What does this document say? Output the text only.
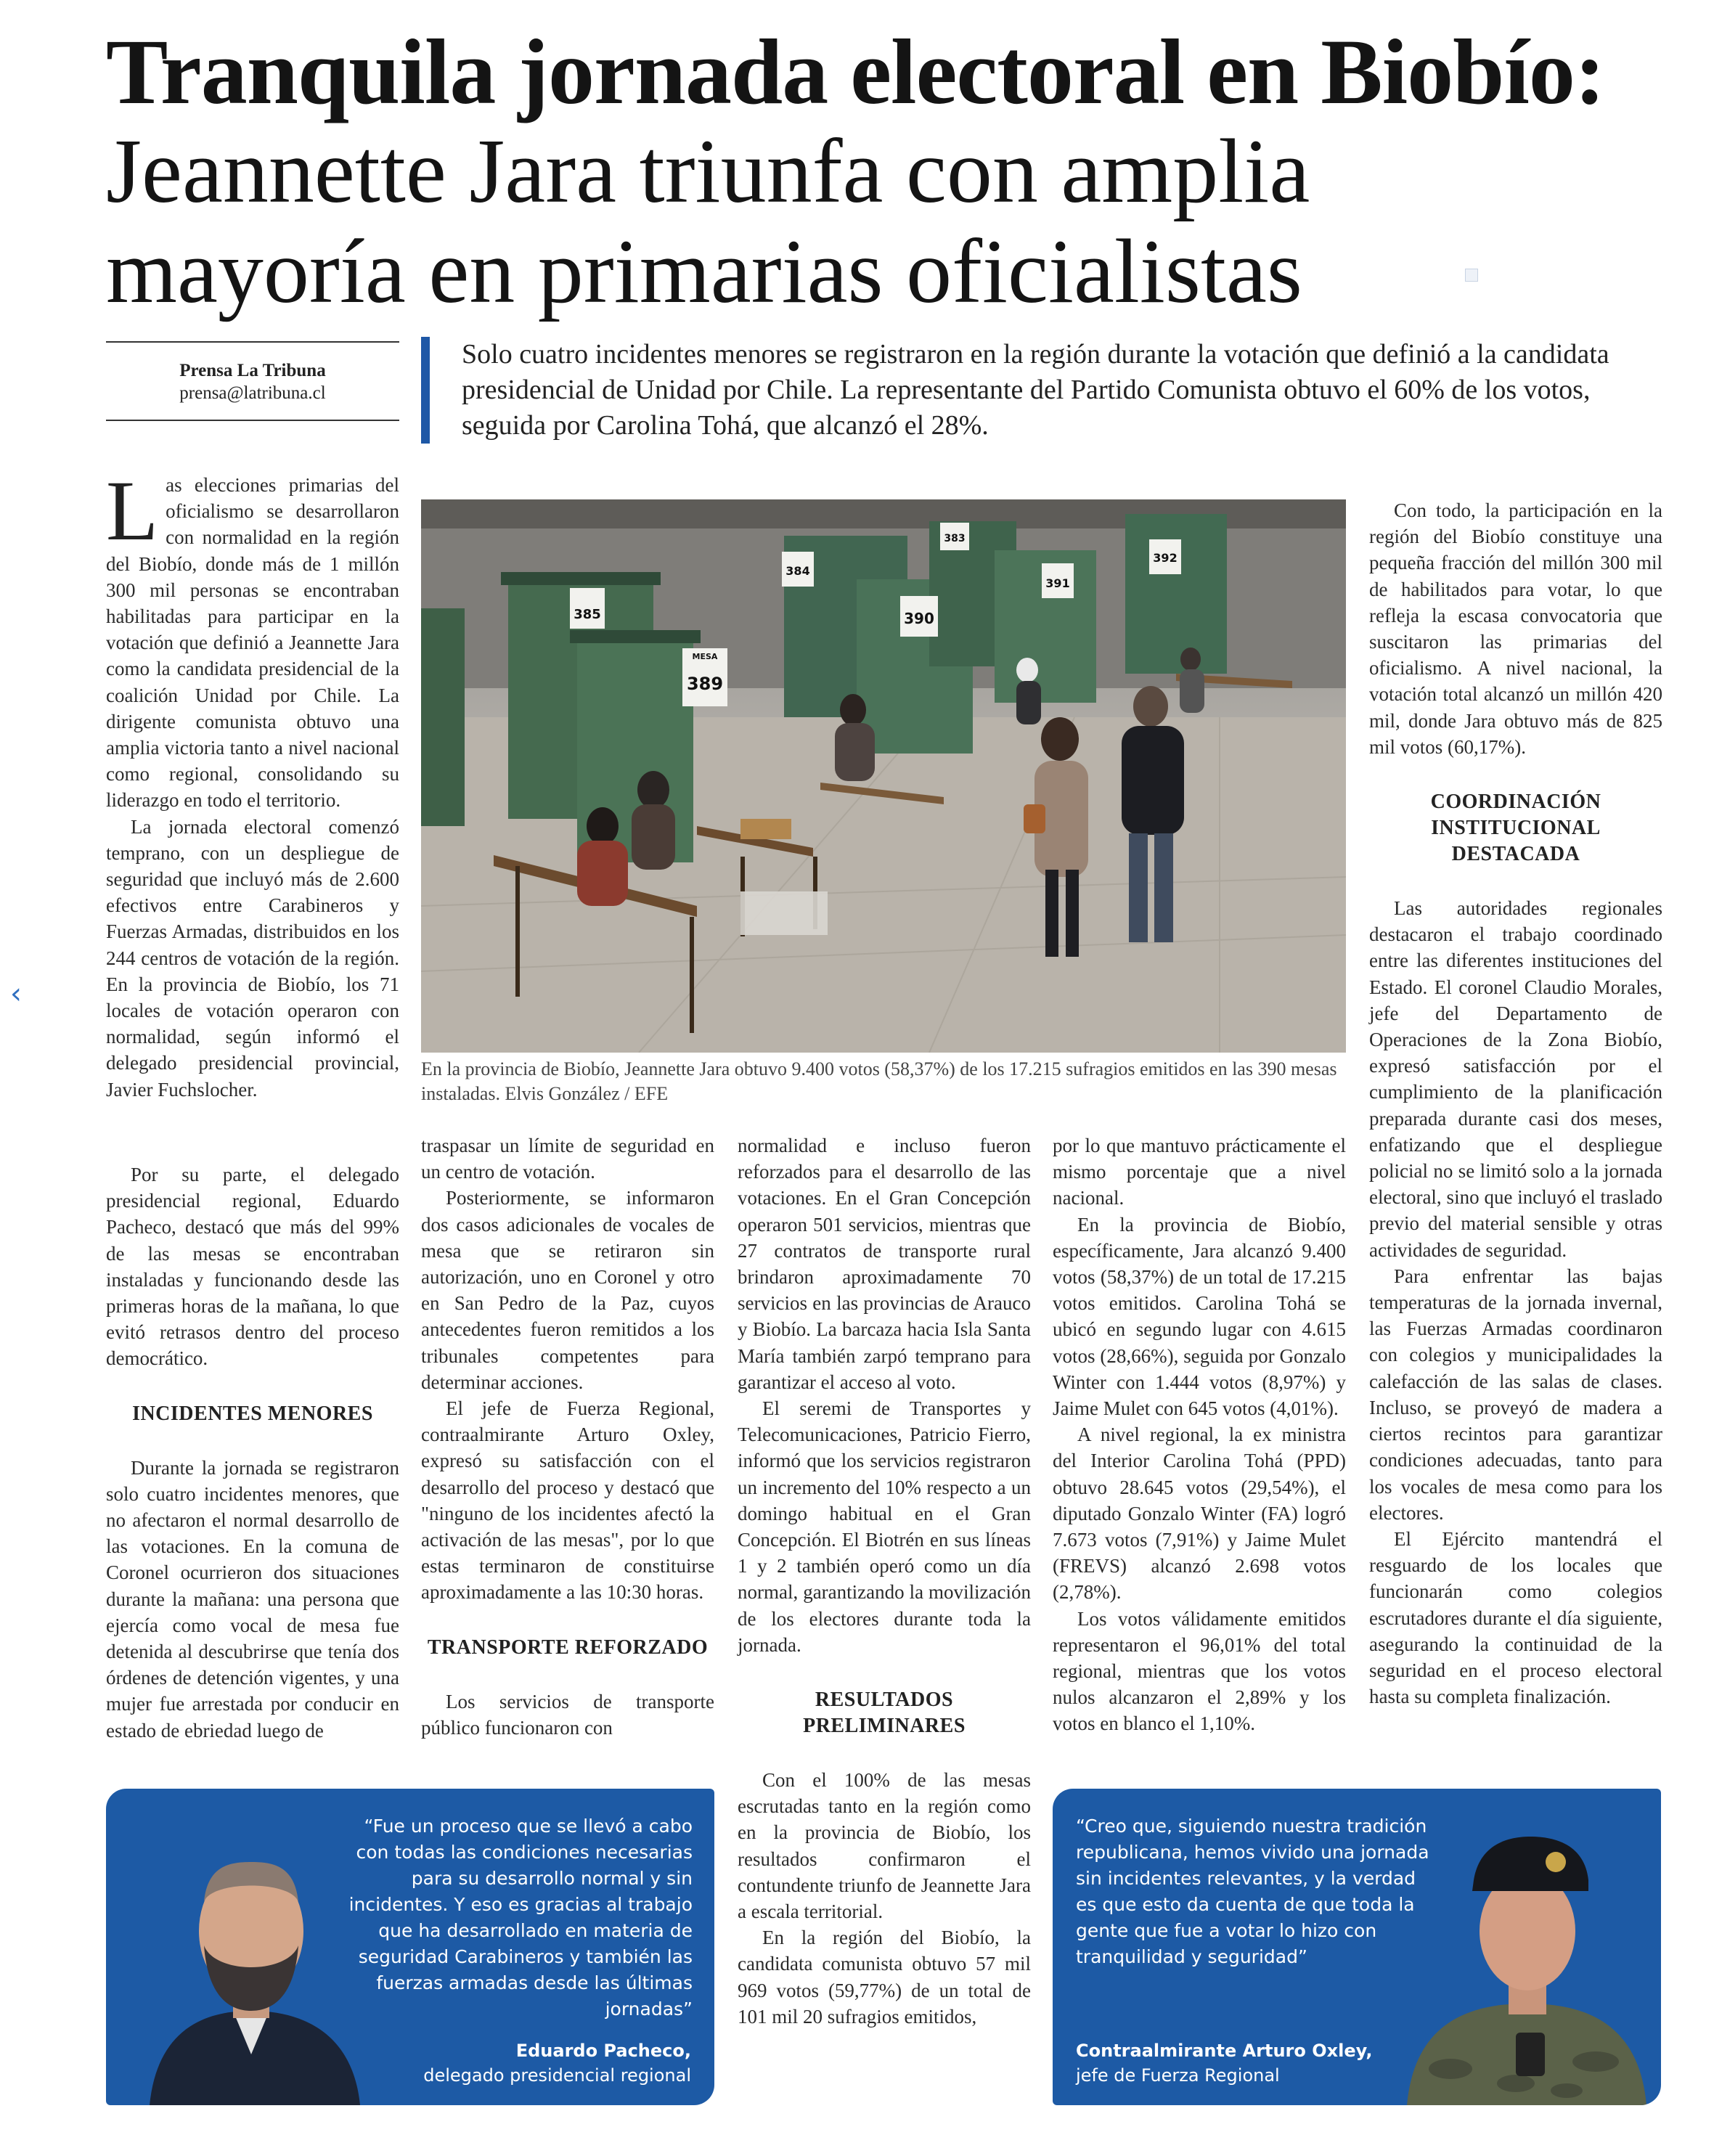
‹
Tranquila jornada electoral en Biobío:
Jeannette Jara triunfa con amplia
mayoría en primarias oficialistas
Prensa La Tribuna
prensa@latribuna.cl
Solo cuatro incidentes menores se registraron en la región durante la votación que definió a la candidata presidencial de Unidad por Chile. La representante del Partido Comunista obtuvo el 60% de los votos, seguida por Carolina Tohá, que alcanzó el 28%.

Las elecciones primarias del oficialismo se desarrollaron con normalidad en la región del Biobío, donde más de 1 millón 300 mil personas se encontraban habilitadas para participar en la votación que definió a Jeannette Jara como la candidata presidencial de la coalición Unidad por Chile. La dirigente comunista obtuvo una amplia victoria tanto a nivel nacional como regional, consolidando su liderazgo en todo el territorio.

La jornada electoral comenzó temprano, con un despliegue de seguridad que incluyó más de 2.600 efectivos entre Carabineros y Fuerzas Armadas, distribuidos en los 244 centros de votación de la región. En la provincia de Biobío, los 71 locales de votación operaron con normalidad, según informó el delegado presidencial provincial, Javier Fuchslocher.

Por su parte, el delegado presidencial regional, Eduardo Pacheco, destacó que más del 99% de las mesas se encontraban instaladas y funcionando desde las primeras horas de la mañana, lo que evitó retrasos dentro del proceso democrático.

INCIDENTES MENORES

Durante la jornada se registraron solo cuatro incidentes menores, que no afectaron el normal desarrollo de las votaciones. En la comuna de Coronel ocurrieron dos situaciones durante la mañana: una persona que ejercía como vocal de mesa fue detenida al descubrirse que tenía dos órdenes de detención vigentes, y una mujer fue arrestada por conducir en estado de ebriedad luego de

383
385
384
392
390
391
MESA
389
En la provincia de Biobío, Jeannette Jara obtuvo 9.400 votos (58,37%) de los 17.215 sufragios emitidos en las 390 mesas instaladas. Elvis González / EFE

traspasar un límite de seguridad en un centro de votación.

Posteriormente, se informaron dos casos adicionales de vocales de mesa que se retiraron sin autorización, uno en Coronel y otro en San Pedro de la Paz, cuyos antecedentes fueron remitidos a los tribunales competentes para determinar acciones.

El jefe de Fuerza Regional, contraalmirante Arturo Oxley, expresó su satisfacción con el desarrollo del proceso y destacó que "ninguno de los incidentes afectó la activación de las mesas", por lo que estas terminaron de constituirse aproximadamente a las 10:30 horas.

TRANSPORTE REFORZADO

Los servicios de transporte público funcionaron con

normalidad e incluso fueron reforzados para el desarrollo de las votaciones. En el Gran Concepción operaron 501 servicios, mientras que 27 contratos de transporte rural brindaron aproximadamente 70 servicios en las provincias de Arauco y Biobío. La barcaza hacia Isla Santa María también zarpó temprano para garantizar el acceso al voto.

El seremi de Transportes y Telecomunicaciones, Patricio Fierro, informó que los servicios registraron un incremento del 10% respecto a un domingo habitual en el Gran Concepción. El Biotrén en sus líneas 1 y 2 también operó como un día normal, garantizando la movilización de los electores durante toda la jornada.

RESULTADOS PRELIMINARES

Con el 100% de las mesas escrutadas tanto en la región como en la provincia de Biobío, los resultados confirmaron el contundente triunfo de Jeannette Jara a escala territorial.

En la región del Biobío, la candidata comunista obtuvo 57 mil 969 votos (59,77%) de un total de 101 mil 20 sufragios emitidos,

por lo que mantuvo prácticamente el mismo porcentaje que a nivel nacional.

En la provincia de Biobío, específicamente, Jara alcanzó 9.400 votos (58,37%) de un total de 17.215 votos emitidos. Carolina Tohá se ubicó en segundo lugar con 4.615 votos (28,66%), seguida por Gonzalo Winter con 1.444 votos (8,97%) y Jaime Mulet con 645 votos (4,01%).

A nivel regional, la ex ministra del Interior Carolina Tohá (PPD) obtuvo 28.645 votos (29,54%), el diputado Gonzalo Winter (FA) logró 7.673 votos (7,91%) y Jaime Mulet (FREVS) alcanzó 2.698 votos (2,78%).

Los votos válidamente emitidos representaron el 96,01% del total regional, mientras que los votos nulos alcanzaron el 2,89% y los votos en blanco el 1,10%.

Con todo, la participación en la región del Biobío constituye una pequeña fracción del millón 300 mil de habilitados para votar, lo que refleja la escasa convocatoria que suscitaron las primarias del oficialismo. A nivel nacional, la votación total alcanzó un millón 420 mil, donde Jara obtuvo más de 825 mil votos (60,17%).

COORDINACIÓN INSTITUCIONAL DESTACADA

Las autoridades regionales destacaron el trabajo coordinado entre las diferentes instituciones del Estado. El coronel Claudio Morales, jefe del Departamento de Operaciones de la Zona Biobío, expresó satisfacción por el cumplimiento de la planificación preparada durante casi dos meses, enfatizando que el despliegue policial no se limitó solo a la jornada electoral, sino que incluyó el traslado previo del material sensible y otras actividades de seguridad.

Para enfrentar las bajas temperaturas de la jornada invernal, las Fuerzas Armadas coordinaron con colegios y municipalidades la calefacción de las salas de clases. Incluso, se proveyó de madera a ciertos recintos para garantizar condiciones adecuadas, tanto para los vocales de mesa como para los electores.

El Ejército mantendrá el resguardo de los locales que funcionarán como colegios escrutadores durante el día siguiente, asegurando la continuidad de la seguridad en el proceso electoral hasta su completa finalización.

“Fue un proceso que se llevó a cabo con todas las condiciones necesarias para su desarrollo normal y sin incidentes. Y eso es gracias al trabajo que ha desarrollado en materia de seguridad Carabineros y también las fuerzas armadas desde las últimas jornadas”
Eduardo Pacheco,
delegado presidencial regional
“Creo que, siguiendo nuestra tradición republicana, hemos vivido una jornada sin incidentes relevantes, y la verdad es que esto da cuenta de que toda la gente que fue a votar lo hizo con tranquilidad y seguridad”
Contraalmirante Arturo Oxley,
jefe de Fuerza Regional
